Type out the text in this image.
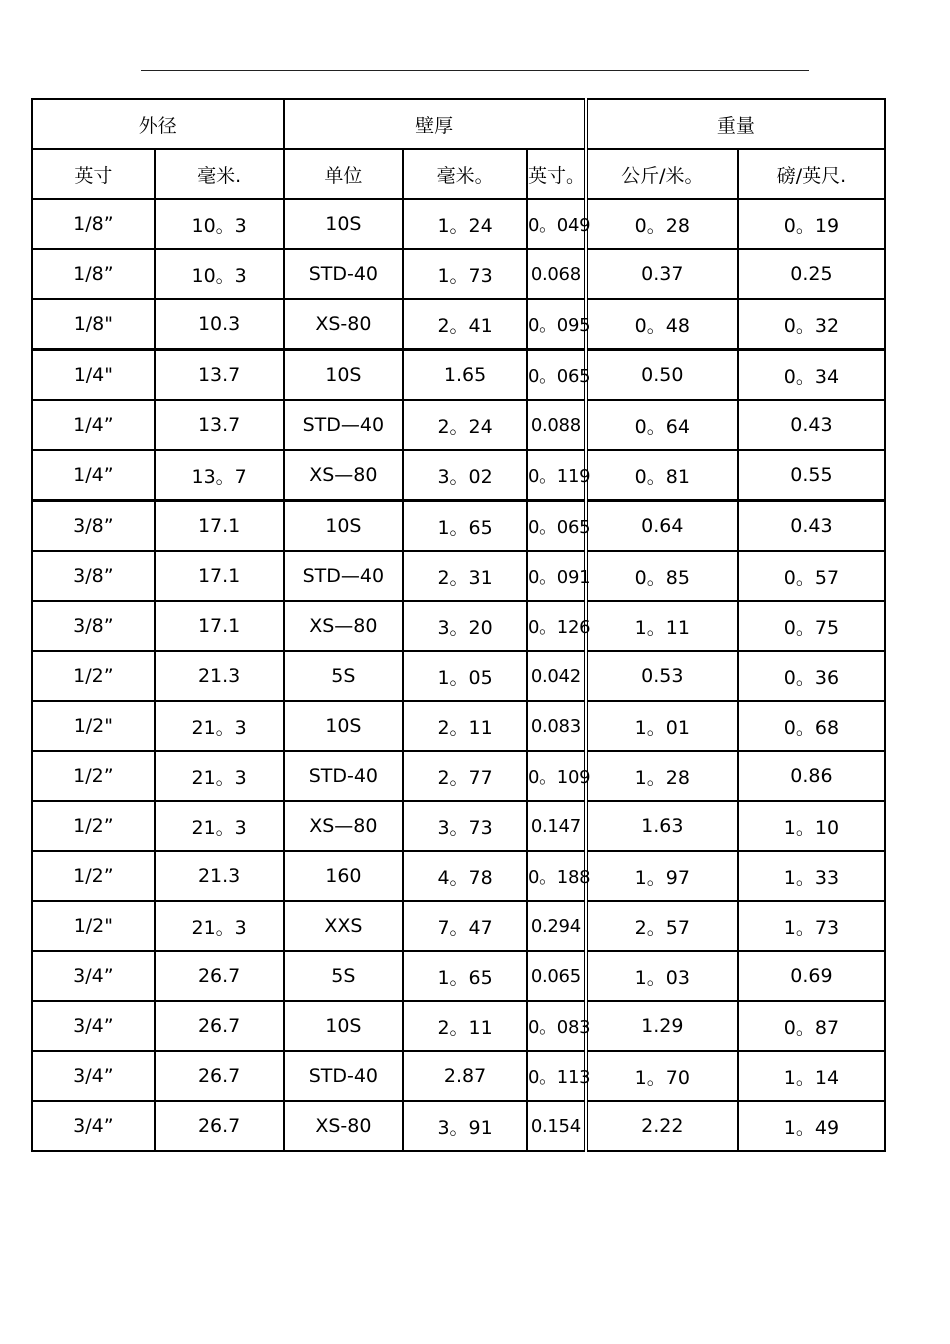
外径		壁厚			重量	
英寸	毫米.	单位	毫米。	英寸。	公斤/米。	磅/英尺.
1/8”	10。3	10S	1。24	0。049	0。28	0。19
1/8”	10。3	STD-40	1。73	0.068	0.37	0.25
1/8"	10.3	XS-80	2。41	0。095	0。48	0。32
1/4"	13.7	10S	1.65	0。065	0.50	0。34
1/4”	13.7	STD—40	2。24	0.088	0。64	0.43
1/4”	13。7	XS—80	3。02	0。119	0。81	0.55
3/8”	17.1	10S	1。65	0。065	0.64	0.43
3/8”	17.1	STD—40	2。31	0。091	0。85	0。57
3/8”	17.1	XS—80	3。20	0。126	1。11	0。75
1/2”	21.3	5S	1。05	0.042	0.53	0。36
1/2"	21。3	10S	2。11	0.083	1。01	0。68
1/2”	21。3	STD-40	2。77	0。109	1。28	0.86
1/2”	21。3	XS—80	3。73	0.147	1.63	1。10
1/2”	21.3	160	4。78	0。188	1。97	1。33
1/2"	21。3	XXS	7。47	0.294	2。57	1。73
3/4”	26.7	5S	1。65	0.065	1。03	0.69
3/4”	26.7	10S	2。11	0。083	1.29	0。87
3/4”	26.7	STD-40	2.87	0。113	1。70	1。14
3/4”	26.7	XS-80	3。91	0.154	2.22	1。49
